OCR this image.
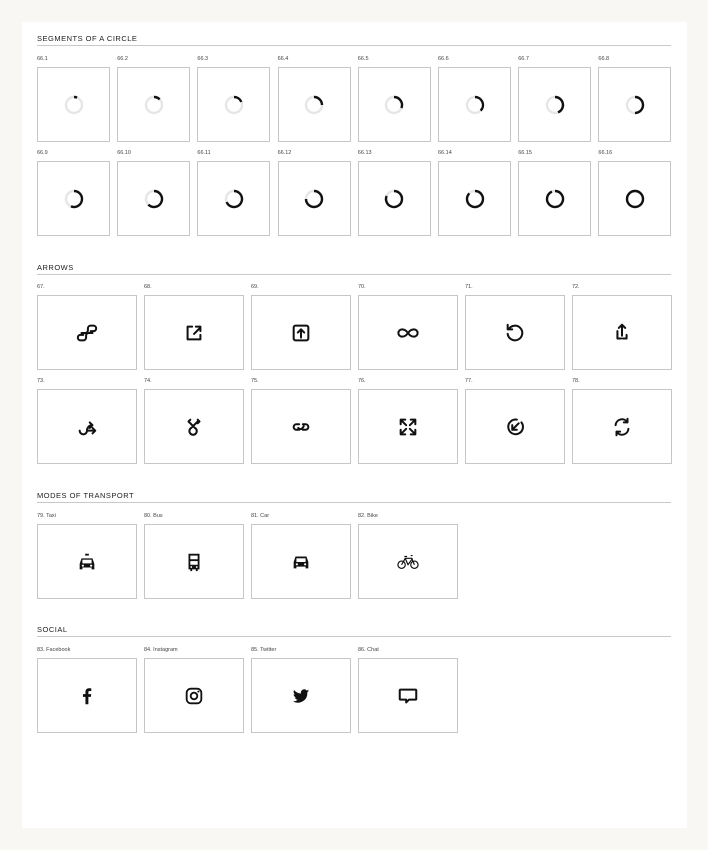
SEGMENTS OF A CIRCLE
66.1	66.2	66.3	66.4	66.5	66.6	66.7	66.8
66.9	66.10	66.11	66.12	66.13	66.14	66.15	66.16
ARROWS
67.	68.	69.	70.	71.	72.
73.	74.	75.	76.	77.	78.
MODES OF TRANSPORT
79. Taxi	80. Bus	81. Car	82. Bike
SOCIAL
83. Facebook	84. Instagram	85. Twitter	86. Chat
